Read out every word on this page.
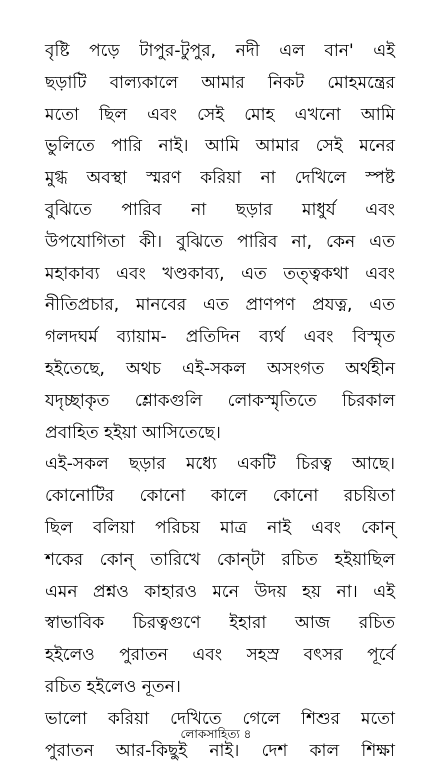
বৃষ্টি পড়ে টাপুর-টুপুর, নদী এল বান' এই
ছড়াটি বাল্যকালে আমার নিকট মোহমন্ত্রের
মতো ছিল এবং সেই মোহ এখনো আমি
ভুলিতে পারি নাই। আমি আমার সেই মনের
মুগ্ধ অবস্থা স্মরণ করিয়া না দেখিলে স্পষ্ট
বুঝিতে পারিব না ছড়ার মাধুর্য এবং
উপযোগিতা কী। বুঝিতে পারিব না, কেন এত
মহাকাব্য এবং খণ্ডকাব্য, এত তত্ত্বকথা এবং
নীতিপ্রচার, মানবের এত প্রাণপণ প্রযত্ন, এত
গলদঘর্ম ব্যায়াম- প্রতিদিন ব্যর্থ এবং বিস্মৃত
হইতেছে, অথচ এই-সকল অসংগত অর্থহীন
যদৃচ্ছাকৃত শ্লোকগুলি লোকস্মৃতিতে চিরকাল
প্রবাহিত হইয়া আসিতেছে।
এই-সকল ছড়ার মধ্যে একটি চিরত্ব আছে।
কোনোটির কোনো কালে কোনো রচয়িতা
ছিল বলিয়া পরিচয় মাত্র নাই এবং কোন্‌
শকের কোন্‌ তারিখে কোন্‌টা রচিত হইয়াছিল
এমন প্রশ্নও কাহারও মনে উদয় হয় না। এই
স্বাভাবিক চিরত্বগুণে ইহারা আজ রচিত
হইলেও পুরাতন এবং সহস্র বৎসর পূর্বে
রচিত হইলেও নূতন।
ভালো করিয়া দেখিতে গেলে শিশুর মতো
পুরাতন আর-কিছুই নাই। দেশ কাল শিক্ষা
লোকসাহিত্য ৪
